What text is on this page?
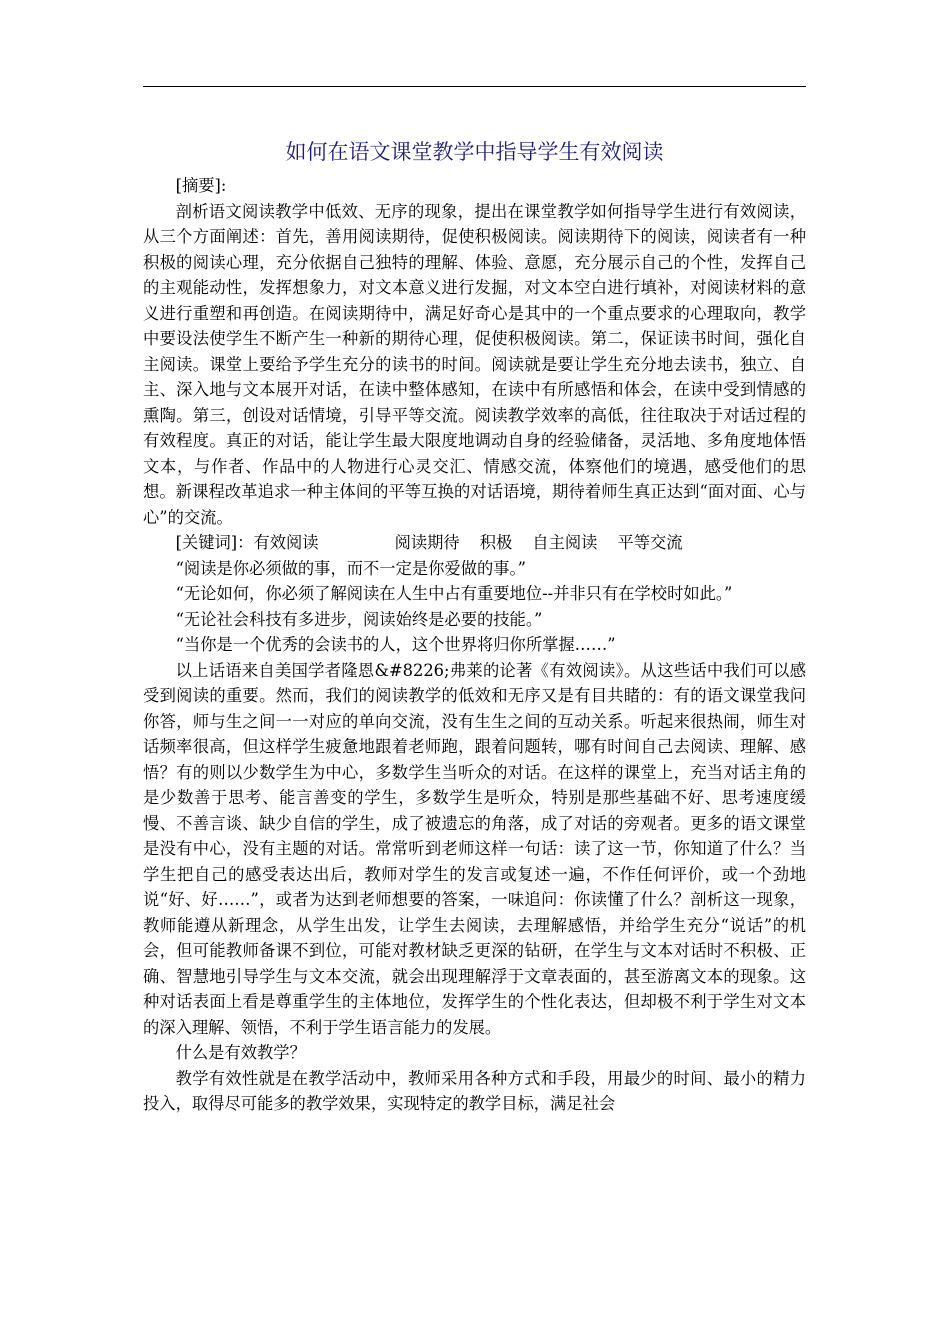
如何在语文课堂教学中指导学生有效阅读

[摘要]:

剖析语文阅读教学中低效、无序的现象，提出在课堂教学如何指导学生进行有效阅读，从三个方面阐述：首先，善用阅读期待，促使积极阅读。阅读期待下的阅读，阅读者有一种积极的阅读心理，充分依据自己独特的理解、体验、意愿，充分展示自己的个性，发挥自己的主观能动性，发挥想象力，对文本意义进行发掘，对文本空白进行填补，对阅读材料的意义进行重塑和再创造。在阅读期待中，满足好奇心是其中的一个重点要求的心理取向，教学中要设法使学生不断产生一种新的期待心理，促使积极阅读。第二，保证读书时间，强化自主阅读。课堂上要给予学生充分的读书的时间。阅读就是要让学生充分地去读书，独立、自主、深入地与文本展开对话，在读中整体感知，在读中有所感悟和体会，在读中受到情感的熏陶。第三，创设对话情境，引导平等交流。阅读教学效率的高低，往往取决于对话过程的有效程度。真正的对话，能让学生最大限度地调动自身的经验储备，灵活地、多角度地体悟文本，与作者、作品中的人物进行心灵交汇、情感交流，体察他们的境遇，感受他们的思想。新课程改革追求一种主体间的平等互换的对话语境，期待着师生真正达到“面对面、心与心”的交流。

[关键词]：有效阅读	阅读期待 积极 自主阅读 平等交流

“阅读是你必须做的事，而不一定是你爱做的事。”

“无论如何，你必须了解阅读在人生中占有重要地位--并非只有在学校时如此。”

“无论社会科技有多进步，阅读始终是必要的技能。”

“当你是一个优秀的会读书的人，这个世界将归你所掌握……”

以上话语来自美国学者隆恩&#8226;弗莱的论著《有效阅读》。从这些话中我们可以感受到阅读的重要。然而，我们的阅读教学的低效和无序又是有目共睹的：有的语文课堂我问你答，师与生之间一一对应的单向交流，没有生生之间的互动关系。听起来很热闹，师生对话频率很高，但这样学生疲惫地跟着老师跑，跟着问题转，哪有时间自己去阅读、理解、感悟？有的则以少数学生为中心，多数学生当听众的对话。在这样的课堂上，充当对话主角的是少数善于思考、能言善变的学生，多数学生是听众，特别是那些基础不好、思考速度缓慢、不善言谈、缺少自信的学生，成了被遗忘的角落，成了对话的旁观者。更多的语文课堂是没有中心，没有主题的对话。常常听到老师这样一句话：读了这一节，你知道了什么？当学生把自己的感受表达出后，教师对学生的发言或复述一遍，不作任何评价，或一个劲地说“好、好……”，或者为达到老师想要的答案，一味追问：你读懂了什么？剖析这一现象，教师能遵从新理念，从学生出发，让学生去阅读，去理解感悟，并给学生充分“说话”的机会，但可能教师备课不到位，可能对教材缺乏更深的钻研，在学生与文本对话时不积极、正确、智慧地引导学生与文本交流，就会出现理解浮于文章表面的，甚至游离文本的现象。这种对话表面上看是尊重学生的主体地位，发挥学生的个性化表达，但却极不利于学生对文本的深入理解、领悟，不利于学生语言能力的发展。

什么是有效教学？

教学有效性就是在教学活动中，教师采用各种方式和手段，用最少的时间、最小的精力投入，取得尽可能多的教学效果，实现特定的教学目标，满足社会
